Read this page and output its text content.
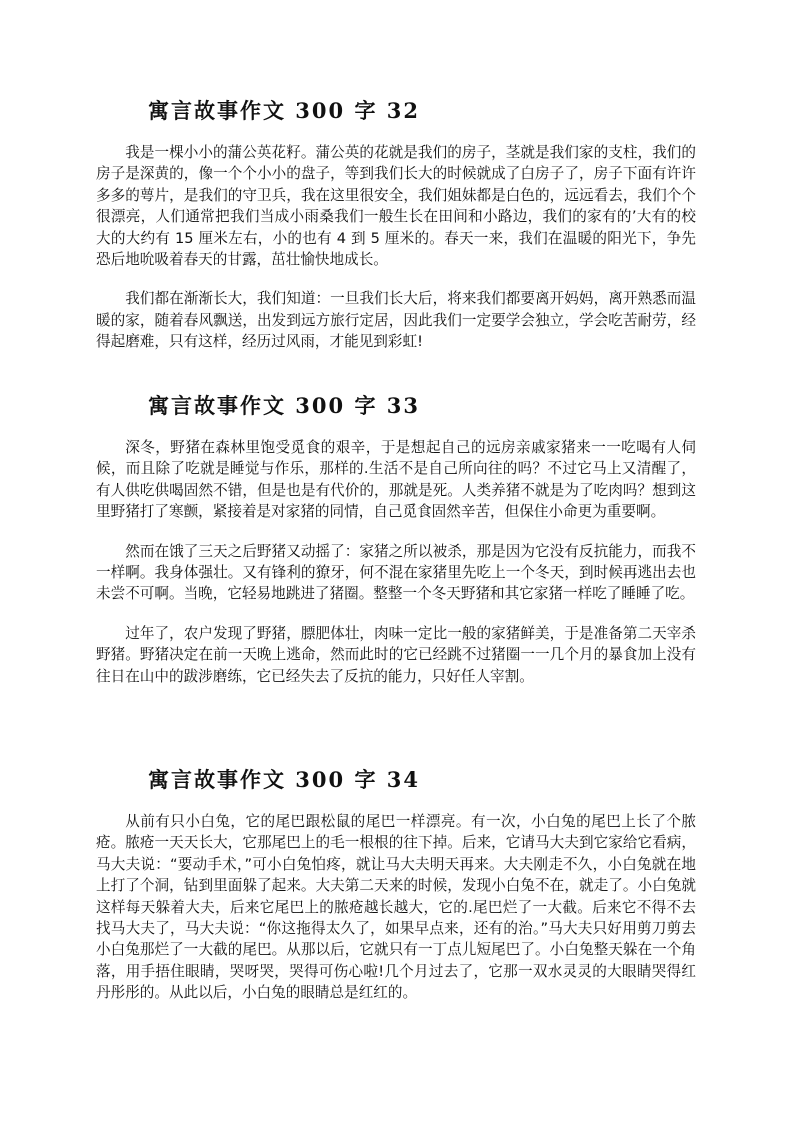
寓言故事作文 300 字 32

我是一棵小小的蒲公英花籽。蒲公英的花就是我们的房子，茎就是我们家的支柱，我们的房子是深黄的，像一个个小小的盘子，等到我们长大的时候就成了白房子了，房子下面有许许多多的萼片，是我们的守卫兵，我在这里很安全，我们姐妹都是白色的，远远看去，我们个个很漂亮，人们通常把我们当成小雨桑我们一般生长在田间和小路边，我们的家有的’大有的校大的大约有 15 厘米左右，小的也有 4 到 5 厘米的。春天一来，我们在温暖的阳光下，争先恐后地吮吸着春天的甘露，茁壮愉快地成长。

我们都在渐渐长大，我们知道：一旦我们长大后，将来我们都要离开妈妈，离开熟悉而温暖的家，随着春风飘送，出发到远方旅行定居，因此我们一定要学会独立，学会吃苦耐劳，经得起磨难，只有这样，经历过风雨，才能见到彩虹!

寓言故事作文 300 字 33

深冬，野猪在森林里饱受觅食的艰辛，于是想起自己的远房亲戚家猪来一一吃喝有人伺候，而且除了吃就是睡觉与作乐，那样的.生活不是自己所向往的吗？不过它马上又清醒了，有人供吃供喝固然不错，但是也是有代价的，那就是死。人类养猪不就是为了吃肉吗？想到这里野猪打了寒颤，紧接着是对家猪的同情，自己觅食固然辛苦，但保住小命更为重要啊。

然而在饿了三天之后野猪又动摇了：家猪之所以被杀，那是因为它没有反抗能力，而我不一样啊。我身体强壮。又有锋利的獠牙，何不混在家猪里先吃上一个冬天，到时候再逃出去也未尝不可啊。当晚，它轻易地跳进了猪圈。整整一个冬天野猪和其它家猪一样吃了睡睡了吃。

过年了，农户发现了野猪，膘肥体壮，肉味一定比一般的家猪鲜美，于是准备第二天宰杀野猪。野猪决定在前一天晚上逃命，然而此时的它已经跳不过猪圈一一几个月的暴食加上没有往日在山中的跋涉磨练，它已经失去了反抗的能力，只好任人宰割。

寓言故事作文 300 字 34

从前有只小白兔，它的尾巴跟松鼠的尾巴一样漂亮。有一次，小白兔的尾巴上长了个脓疮。脓疮一天天长大，它那尾巴上的毛一根根的往下掉。后来，它请马大夫到它家给它看病，马大夫说：“要动手术，”可小白兔怕疼，就让马大夫明天再来。大夫刚走不久，小白兔就在地上打了个洞，钻到里面躲了起来。大夫第二天来的时候，发现小白兔不在，就走了。小白兔就这样每天躲着大夫，后来它尾巴上的脓疮越长越大，它的.尾巴烂了一大截。后来它不得不去找马大夫了，马大夫说：“你这拖得太久了，如果早点来，还有的治。”马大夫只好用剪刀剪去小白兔那烂了一大截的尾巴。从那以后，它就只有一丁点儿短尾巴了。小白兔整天躲在一个角落，用手捂住眼睛，哭呀哭，哭得可伤心啦!几个月过去了，它那一双水灵灵的大眼睛哭得红丹彤彤的。从此以后，小白兔的眼睛总是红红的。
